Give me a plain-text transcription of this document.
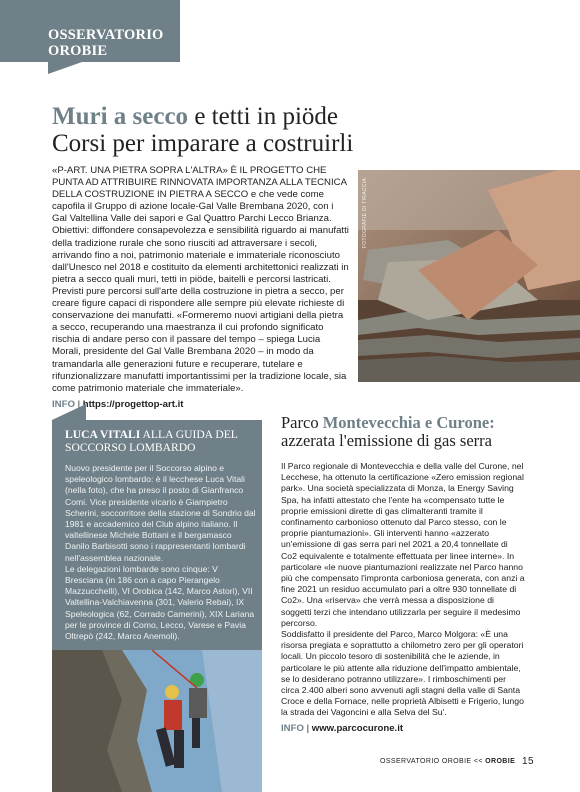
OSSERVATORIO
OROBIE
Muri a secco e tetti in piöde
Corsi per imparare a costruirli

«P-ART. UNA PIETRA SOPRA L'ALTRA» È IL PROGETTO CHE PUNTA AD ATTRIBUIRE RINNOVATA IMPORTANZA ALLA TECNICA DELLA COSTRUZIONE IN PIETRA A SECCO e che vede come capofila il Gruppo di azione locale-Gal Valle Brembana 2020, con i Gal Valtellina Valle dei sapori e Gal Quattro Parchi Lecco Brianza. Obiettivi: diffondere consapevolezza e sensibilità riguardo ai manufatti della tradizione rurale che sono riusciti ad attraversare i secoli, arrivando fino a noi, patrimonio materiale e immateriale riconosciuto dall'Unesco nel 2018 e costituito da elementi architettonici realizzati in pietra a secco quali muri, tetti in piöde, baitelli e percorsi lastricati.

Previsti pure percorsi sull'arte della costruzione in pietra a secco, per creare figure capaci di rispondere alle sempre più elevate richieste di conservazione dei manufatti. «Formeremo nuovi artigiani della pietra a secco, recuperando una maestranza il cui profondo significato rischia di andare perso con il passare del tempo – spiega Lucia Morali, presidente del Gal Valle Brembana 2020 – in modo da tramandarla alle generazioni future e recuperare, tutelare e rifunzionalizzare manufatti importantissimi per la tradizione locale, sia come patrimonio materiale che immateriale».

INFO | https://progettop-art.it
FOTOGRAFIE DI TIRACCIA
LUCA VITALI ALLA GUIDA DEL SOCCORSO LOMBARDO

Nuovo presidente per il Soccorso alpino e speleologico lombardo: è il lecchese Luca Vitali (nella foto), che ha preso il posto di Gianfranco Comi. Vice presidente vicario è Giampietro Scherini, soccorritore della stazione di Sondrio dal 1981 e accademico del Club alpino italiano. Il valtellinese Michele Bottani e il bergamasco Danilo Barbisotti sono i rappresentanti lombardi nell'assemblea nazionale.

Le delegazioni lombarde sono cinque: V Bresciana (in 186 con a capo Pierangelo Mazzucchelli), VI Orobica (142, Marco Astori), VII Valtellina-Valchiavenna (301, Valerio Rebai), IX Speleologica (62, Corrado Camerini), XIX Lariana per le province di Como, Lecco, Varese e Pavia Oltrepò (242, Marco Anemoli).

Parco Montevecchia e Curone:
azzerata l'emissione di gas serra

Il Parco regionale di Montevecchia e della valle del Curone, nel Lecchese, ha ottenuto la certificazione «Zero emission regional park». Una società specializzata di Monza, la Energy Saving Spa, ha infatti attestato che l'ente ha «compensato tutte le proprie emissioni dirette di gas climalteranti tramite il confinamento carbonioso ottenuto dal Parco stesso, con le proprie piantumazioni». Gli interventi hanno «azzerato un'emissione di gas serra pari nel 2021 a 20,4 tonnellate di Co2 equivalente e totalmente effettuata per linee interne». In particolare «le nuove piantumazioni realizzate nel Parco hanno più che compensato l'impronta carboniosa generata, con anzi a fine 2021 un residuo accumulato pari a oltre 930 tonnellate di Co2». Una «riserva» che verrà messa a disposizione di soggetti terzi che intendano utilizzarla per seguire il medesimo percorso.

Soddisfatto il presidente del Parco, Marco Molgora: «È una risorsa pregiata e soprattutto a chilometro zero per gli operatori locali. Un piccolo tesoro di sostenibilità che le aziende, in particolare le più attente alla riduzione dell'impatto ambientale, se lo desiderano potranno utilizzare». I rimboschimenti per circa 2.400 alberi sono avvenuti agli stagni della valle di Santa Croce e della Fornace, nelle proprietà Albisetti e Frigerio, lungo la strada dei Vagoncini e alla Selva del Su'.

INFO | www.parcocurone.it
OSSERVATORIO OROBIE << OROBIE 15
